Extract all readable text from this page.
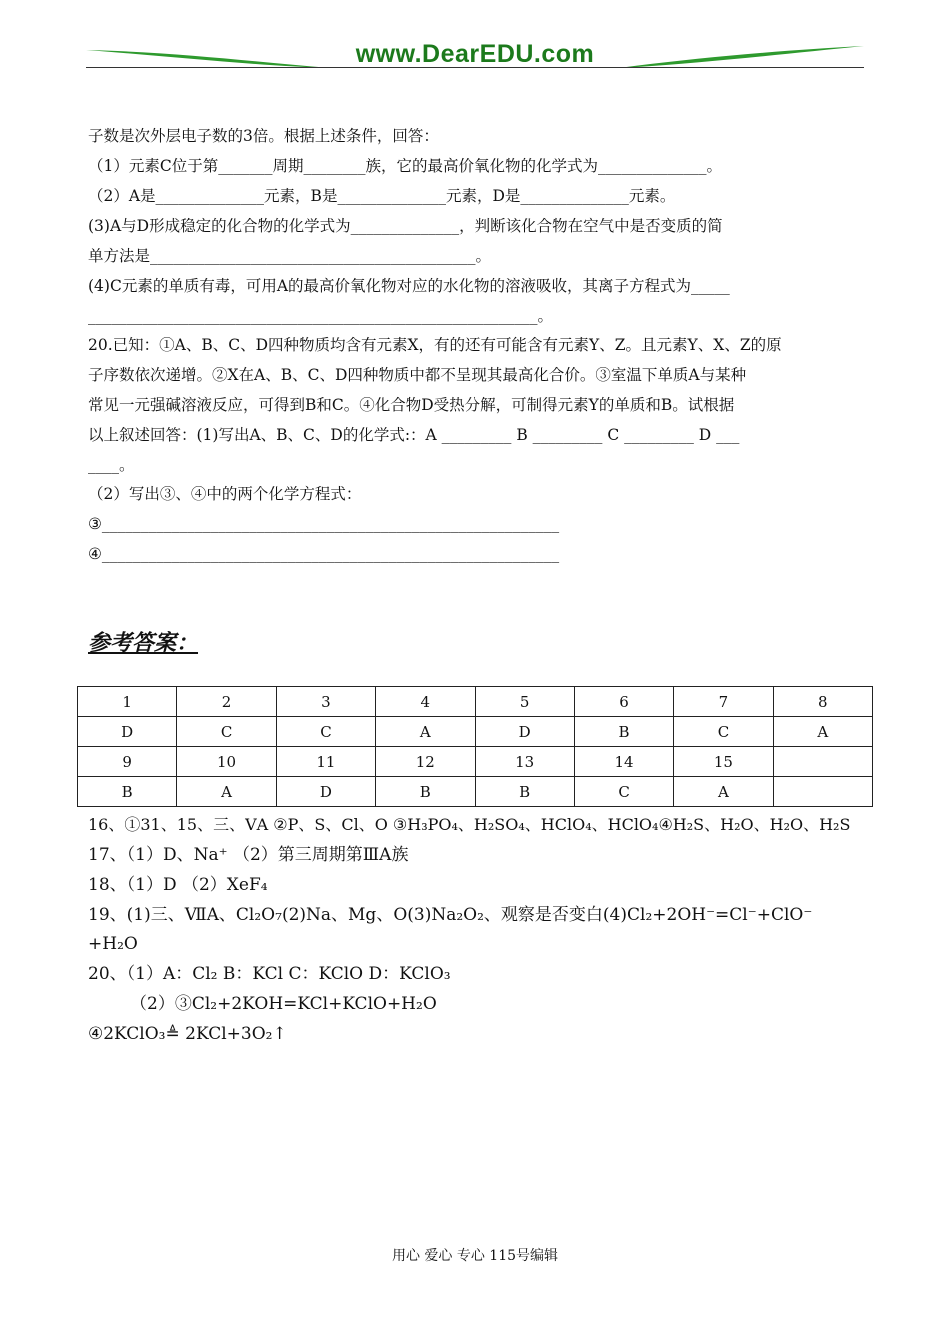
www.DearEDU.com
子数是次外层电子数的3倍。根据上述条件，回答：
（1）元素C位于第_______周期________族，它的最高价氧化物的化学式为______________。
（2）A是______________元素，B是______________元素，D是______________元素。
(3)A与D形成稳定的化合物的化学式为______________，判断该化合物在空气中是否变质的简
单方法是__________________________________________。
(4)C元素的单质有毒，可用A的最高价氧化物对应的水化物的溶液吸收，其离子方程式为_____
__________________________________________________________。
20.已知：①A、B、C、D四种物质均含有元素X，有的还有可能含有元素Y、Z。且元素Y、X、Z的原
子序数依次递增。②X在A、B、C、D四种物质中都不呈现其最高化合价。③室温下单质A与某种
常见一元强碱溶液反应，可得到B和C。④化合物D受热分解，可制得元素Y的单质和B。试根据
以上叙述回答：(1)写出A、B、C、D的化学式:：A _________ B _________ C _________ D ___
____。
（2）写出③、④中的两个化学方程式：
③___________________________________________________________
④___________________________________________________________
参考答案：
1	2	3	4	5	6	7	8
D	C	C	A	D	B	C	A
9	10	11	12	13	14	15	
B	A	D	B	B	C	A	
16、①31、15、三、ⅤA ②P、S、Cl、O ③H₃PO₄、H₂SO₄、HClO₄、HClO₄④H₂S、H₂O、H₂O、H₂S
17、（1）D、Na⁺ （2）第三周期第ⅢA族
18、（1）D （2）XeF₄
19、(1)三、ⅦA、Cl₂O₇(2)Na、Mg、O(3)Na₂O₂、观察是否变白(4)Cl₂+2OH⁻=Cl⁻+ClO⁻
+H₂O
20、（1）A：Cl₂ B：KCl C：KClO D：KClO₃
（2）③Cl₂+2KOH=KCl+KClO+H₂O
④2KClO₃≜ 2KCl+3O₂↑
用心 爱心 专心 115号编辑
